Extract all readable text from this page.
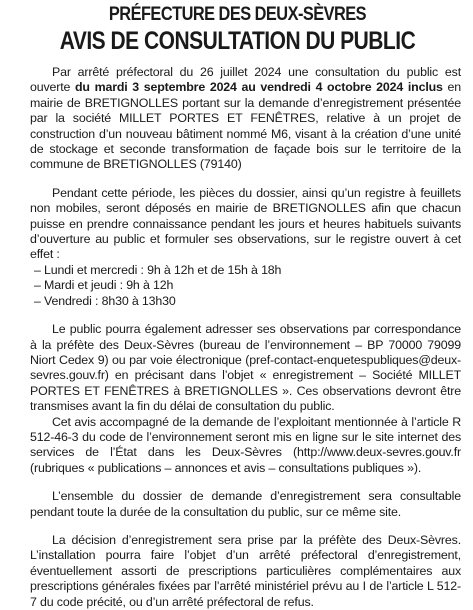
PRÉFECTURE DES DEUX-SÈVRES
AVIS DE CONSULTATION DU PUBLIC

Par arrêté préfectoral du 26 juillet 2024 une consultation du public est ouverte du mardi 3 septembre 2024 au vendredi 4 octobre 2024 inclus en mairie de BRETIGNOLLES portant sur la demande d’enregistrement présentée par la société MILLET PORTES ET FENÊTRES, relative à un projet de construction d’un nouveau bâtiment nommé M6, visant à la création d’une unité de stockage et seconde transformation de façade bois sur le territoire de la commune de BRETIGNOLLES (79140)

Pendant cette période, les pièces du dossier, ainsi qu’un registre à feuillets non mobiles, seront déposés en mairie de BRETIGNOLLES afin que chacun puisse en prendre connaissance pendant les jours et heures habituels suivants d’ouverture au public et formuler ses observations, sur le registre ouvert à cet effet :

– Lundi et mercredi : 9h à 12h et de 15h à 18h
– Mardi et jeudi : 9h à 12h
– Vendredi : 8h30 à 13h30

Le public pourra également adresser ses observations par correspondance à la préfète des Deux-Sèvres (bureau de l’environnement – BP 70000 79099 Niort Cedex 9) ou par voie électronique (pref-contact-enquetespubliques@deux-sevres.gouv.fr) en précisant dans l’objet « enregistrement – Société MILLET PORTES ET FENÊTRES à BRETIGNOLLES ». Ces observations devront être transmises avant la fin du délai de consultation du public.

Cet avis accompagné de la demande de l’exploitant mentionnée à l’article R 512-46-3 du code de l’environnement seront mis en ligne sur le site internet des services de l’État dans les Deux-Sèvres (http://www.deux-sevres.gouv.fr (rubriques « publications – annonces et avis – consultations publiques »).

L’ensemble du dossier de demande d’enregistrement sera consultable pendant toute la durée de la consultation du public, sur ce même site.

La décision d’enregistrement sera prise par la préfète des Deux-Sèvres. L’installation pourra faire l’objet d’un arrêté préfectoral d’enregistrement, éventuellement assorti de prescriptions particulières complémentaires aux prescriptions générales fixées par l’arrêté ministériel prévu au I de l’article L 512-7 du code précité, ou d’un arrêté préfectoral de refus.
